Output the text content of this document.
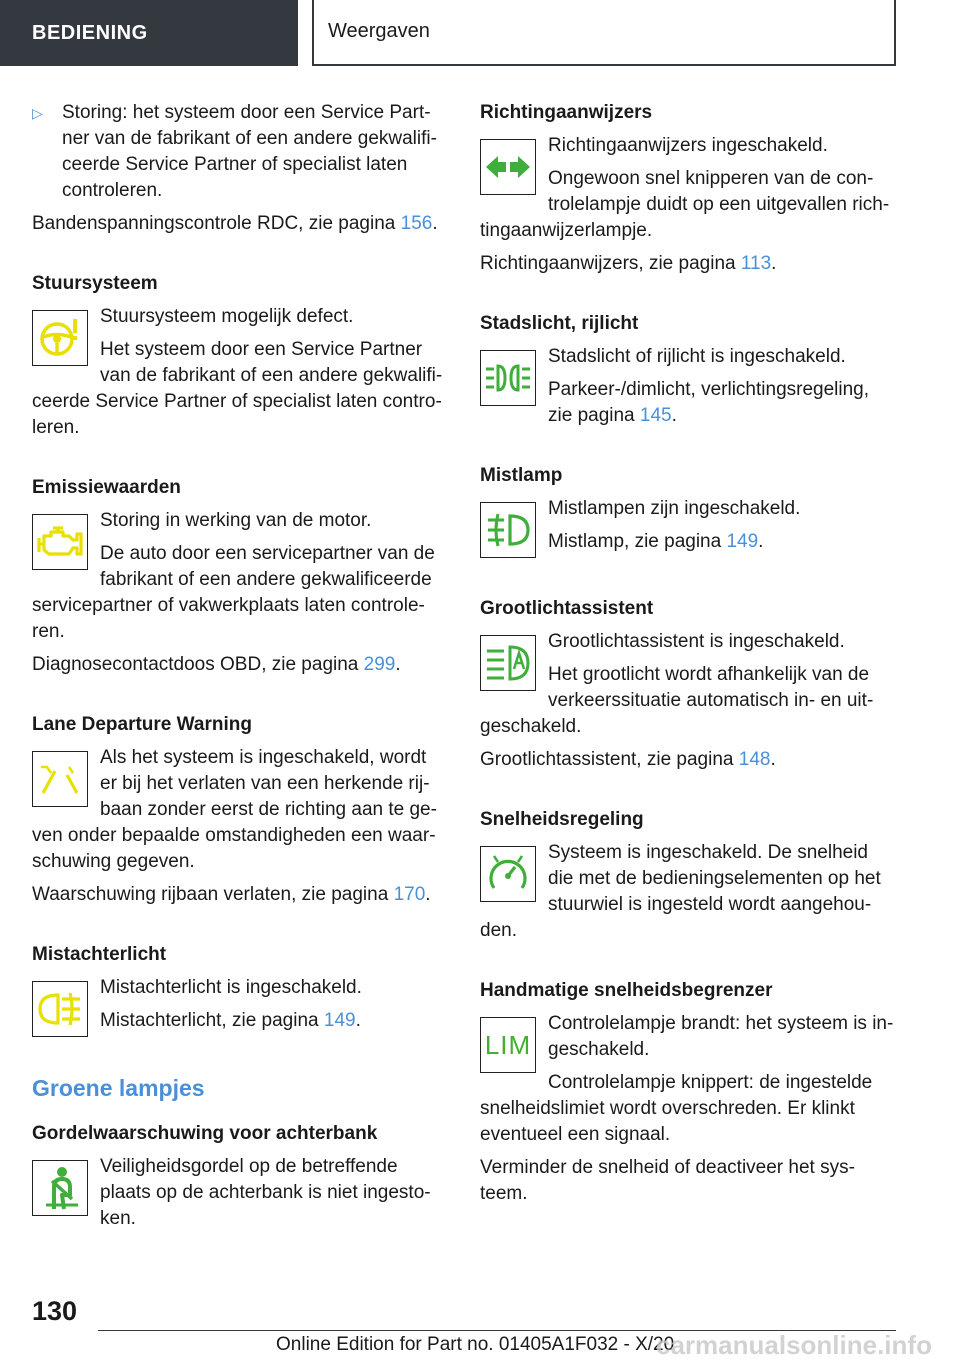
BEDIENING	Weergaven
▷	Storing: het systeem door een Service Partner van de fabrikant of een andere gekwalificeerde Service Partner of specialist laten controleren.

Bandenspanningscontrole RDC, zie pagina 156.

Stuursysteem

Stuursysteem mogelijk defect.

Het systeem door een Service Partner van de fabrikant of een andere gekwalificeerde Service Partner of specialist laten controleren.

Emissiewaarden

Storing in werking van de motor.

De auto door een servicepartner van de fabrikant of een andere gekwalificeerde servicepartner of vakwerkplaats laten controleren.

Diagnosecontactdoos OBD, zie pagina 299.

Lane Departure Warning

Als het systeem is ingeschakeld, wordt er bij het verlaten van een herkende rijbaan zonder eerst de richting aan te geven onder bepaalde omstandigheden een waarschuwing gegeven.

Waarschuwing rijbaan verlaten, zie pagina 170.

Mistachterlicht

Mistachterlicht is ingeschakeld.

Mistachterlicht, zie pagina 149.

Groene lampjes
Gordelwaarschuwing voor achterbank

Veiligheidsgordel op de betreffende plaats op de achterbank is niet ingestoken.

Richtingaanwijzers

Richtingaanwijzers ingeschakeld.

Ongewoon snel knipperen van de controlelampje duidt op een uitgevallen richtingaanwijzerlampje.

Richtingaanwijzers, zie pagina 113.

Stadslicht, rijlicht

Stadslicht of rijlicht is ingeschakeld.

Parkeer-/dimlicht, verlichtingsregeling, zie pagina 145.

Mistlamp

Mistlampen zijn ingeschakeld.

Mistlamp, zie pagina 149.

Grootlichtassistent

Grootlichtassistent is ingeschakeld.

Het grootlicht wordt afhankelijk van de verkeerssituatie automatisch in- en uitgeschakeld.

Grootlichtassistent, zie pagina 148.

Snelheidsregeling

Systeem is ingeschakeld. De snelheid die met de bedieningselementen op het stuurwiel is ingesteld wordt aangehouden.

Handmatige snelheidsbegrenzer
LIM

Controlelampje brandt: het systeem is ingeschakeld.

Controlelampje knippert: de ingestelde snelheidslimiet wordt overschreden. Er klinkt eventueel een signaal.

Verminder de snelheid of deactiveer het systeem.

130
Online Edition for Part no. 01405A1F032 - X/20
carmanualsonline.info
